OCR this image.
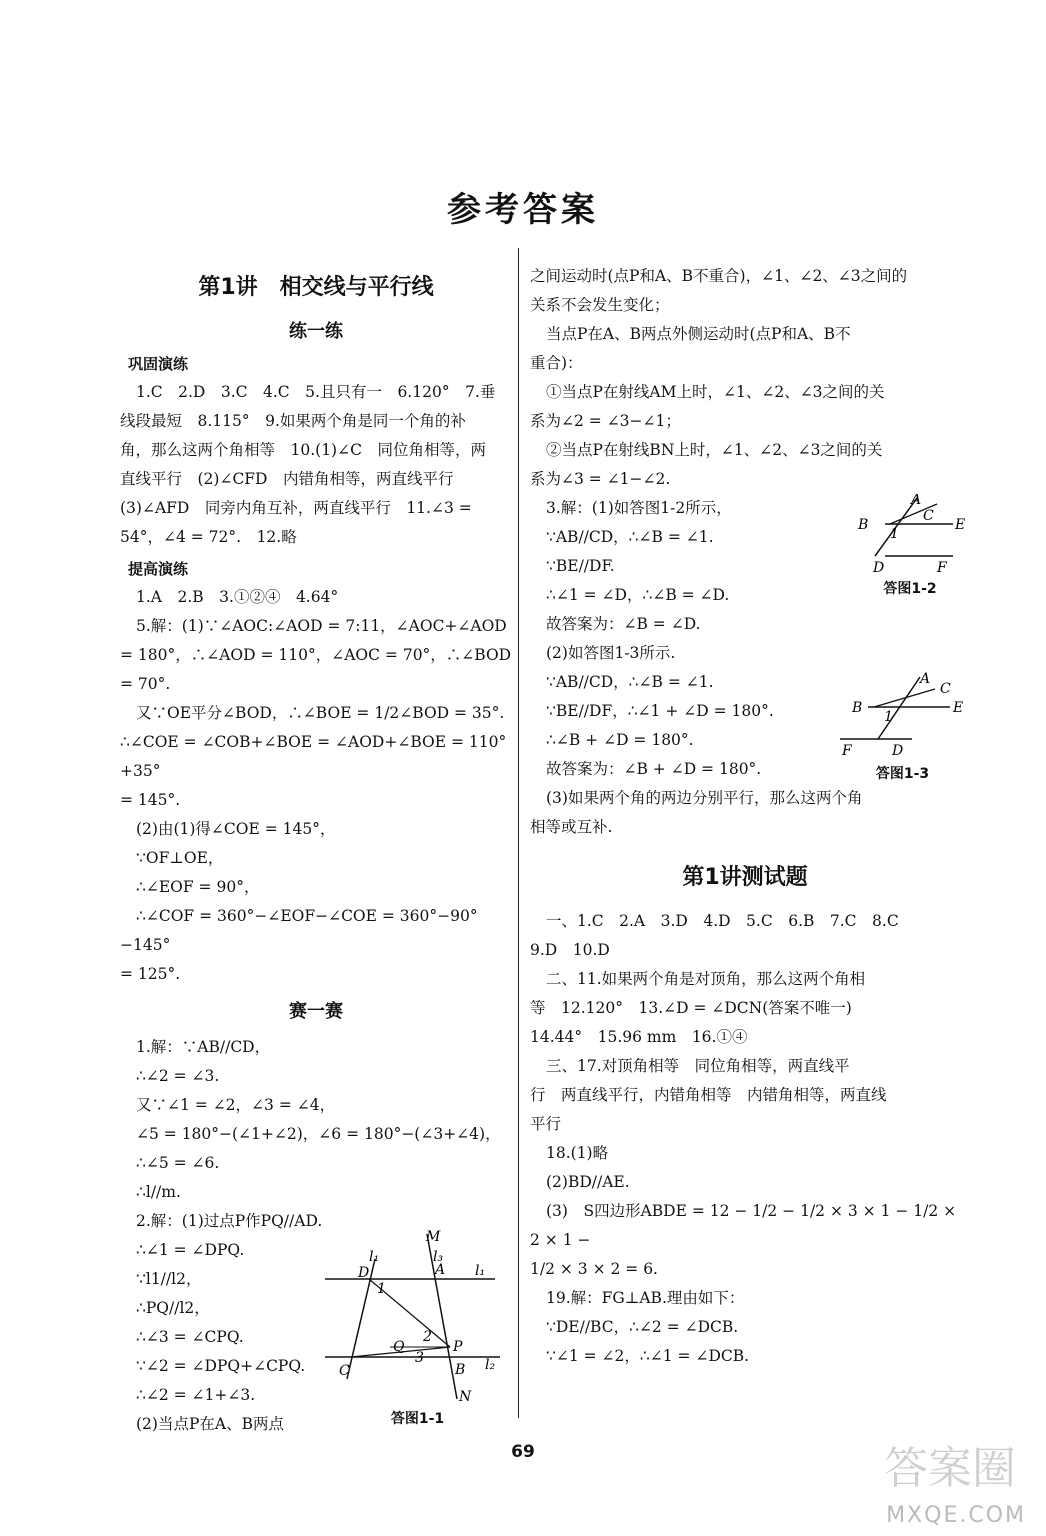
参考答案
第1讲　相交线与平行线
练一练
巩固演练

1.C　2.D　3.C　4.C　5.且只有一　6.120°　7.垂

线段最短　8.115°　9.如果两个角是同一个角的补

角，那么这两个角相等　10.(1)∠C　同位角相等，两

直线平行　(2)∠CFD　内错角相等，两直线平行

(3)∠AFD　同旁内角互补，两直线平行　11.∠3 =

54°，∠4 = 72°.　12.略

提高演练

1.A　2.B　3.①②④　4.64°

5.解：(1)∵∠AOC:∠AOD = 7:11，∠AOC+∠AOD

= 180°，∴∠AOD = 110°，∠AOC = 70°，∴∠BOD = 70°.

又∵OE平分∠BOD，∴∠BOE = 1/2∠BOD = 35°.

∴∠COE = ∠COB+∠BOE = ∠AOD+∠BOE = 110°+35°

= 145°.

(2)由(1)得∠COE = 145°，

∵OF⊥OE，

∴∠EOF = 90°，

∴∠COF = 360°−∠EOF−∠COE = 360°−90°−145°

= 125°.

赛一赛

1.解：∵AB//CD，

∴∠2 = ∠3.

又∵∠1 = ∠2，∠3 = ∠4，

∠5 = 180°−(∠1+∠2)，∠6 = 180°−(∠3+∠4)，

∴∠5 = ∠6.

∴l//m.

2.解：(1)过点P作PQ//AD.

∴∠1 = ∠DPQ.

∵l1//l2，

∴PQ//l2，

∴∠3 = ∠CPQ.

∵∠2 = ∠DPQ+∠CPQ.

∴∠2 = ∠1+∠3.

(2)当点P在A、B两点

M
l₁	l₃
D	A l₁
1
2
Q	P
3
C	B l₂
N
答图1-1

之间运动时(点P和A、B不重合)，∠1、∠2、∠3之间的

关系不会发生变化；

当点P在A、B两点外侧运动时(点P和A、B不

重合)：

①当点P在射线AM上时，∠1、∠2、∠3之间的关

系为∠2 = ∠3−∠1；

②当点P在射线BN上时，∠1、∠2、∠3之间的关

系为∠3 = ∠1−∠2.

3.解：(1)如答图1-2所示，

∵AB//CD，∴∠B = ∠1.

∵BE//DF.

∴∠1 = ∠D，∴∠B = ∠D.

故答案为：∠B = ∠D.

(2)如答图1-3所示.

∵AB//CD，∴∠B = ∠1.

∵BE//DF，∴∠1 + ∠D = 180°.

∴∠B + ∠D = 180°.

故答案为：∠B + ∠D = 180°.

A
C
B	E
1
D	F
答图1-2
A
C
B	E
1
F	D
答图1-3

(3)如果两个角的两边分别平行，那么这两个角

相等或互补.

第1讲测试题

一、1.C　2.A　3.D　4.D　5.C　6.B　7.C　8.C

9.D　10.D

二、11.如果两个角是对顶角，那么这两个角相

等　12.120°　13.∠D = ∠DCN(答案不唯一)

14.44°　15.96 mm　16.①④

三、17.对顶角相等　同位角相等，两直线平

行　两直线平行，内错角相等　内错角相等，两直线

平行

18.(1)略

(2)BD//AE.

(3)　S四边形ABDE = 12 − 1/2 − 1/2 × 3 × 1 − 1/2 × 2 × 1 −

1/2 × 3 × 2 = 6.

19.解：FG⊥AB.理由如下：

∵DE//BC，∴∠2 = ∠DCB.

∵∠1 = ∠2，∴∠1 = ∠DCB.

69	答案圈
MXQE.COM
